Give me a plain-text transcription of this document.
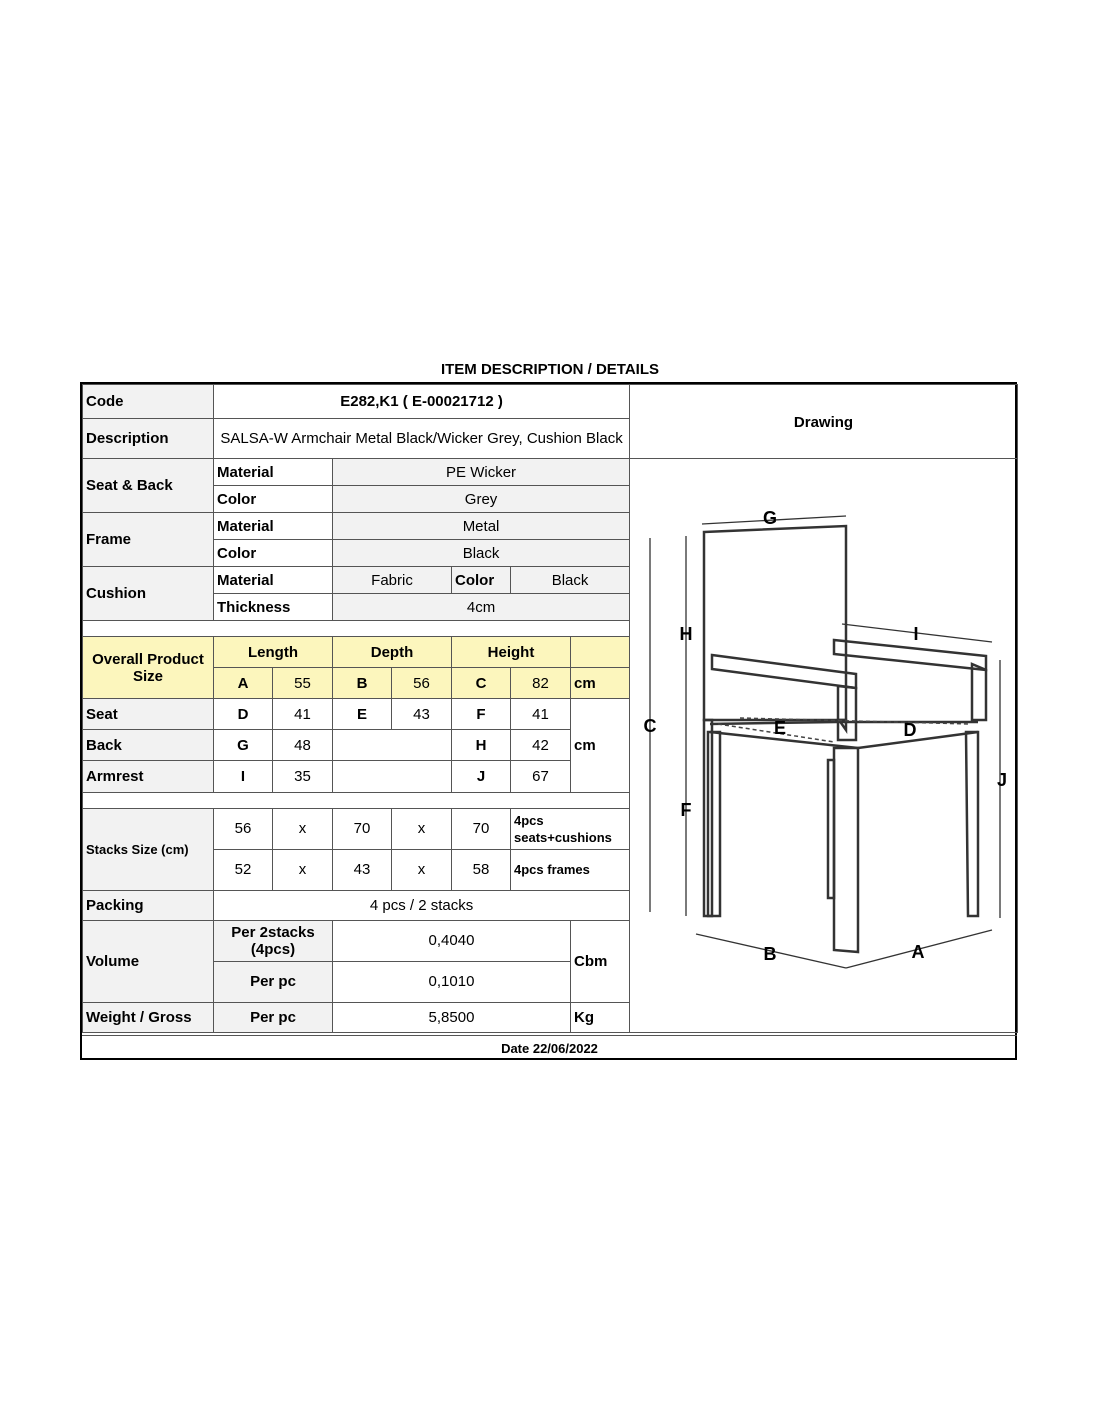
ITEM DESCRIPTION / DETAILS
Code	E282,K1 ( E-00021712 )							
Description	SALSA-W Armchair Metal Black/Wicker Grey, Cushion Black							
Seat & Back	Material		PE Wicker					
	Color		Grey					
Frame	Material		Metal					
	Color		Black					
Cushion	Material		Fabric		Color	Black		
	Thickness		4cm					

Overall Product Size	Length		Depth		Height			
	A	55	B	56	C	82	cm	
Seat	D	41	E	43	F	41	cm	
Back	G	48			H	42		
Armrest	I	35			J	67		

Stacks Size (cm)	56	x	70	x	70	4pcs seats+cushions		
	52	x	43	x	58	4pcs frames		
Packing	4 pcs / 2 stacks							
Volume	Per 2stacks (4pcs)		0,4040				Cbm	
	Per pc		0,1010					
Weight / Gross	Per pc		5,8500				Kg	
Drawing
G
H	I
C	E	D
J
F
B	A
Date 22/06/2022
